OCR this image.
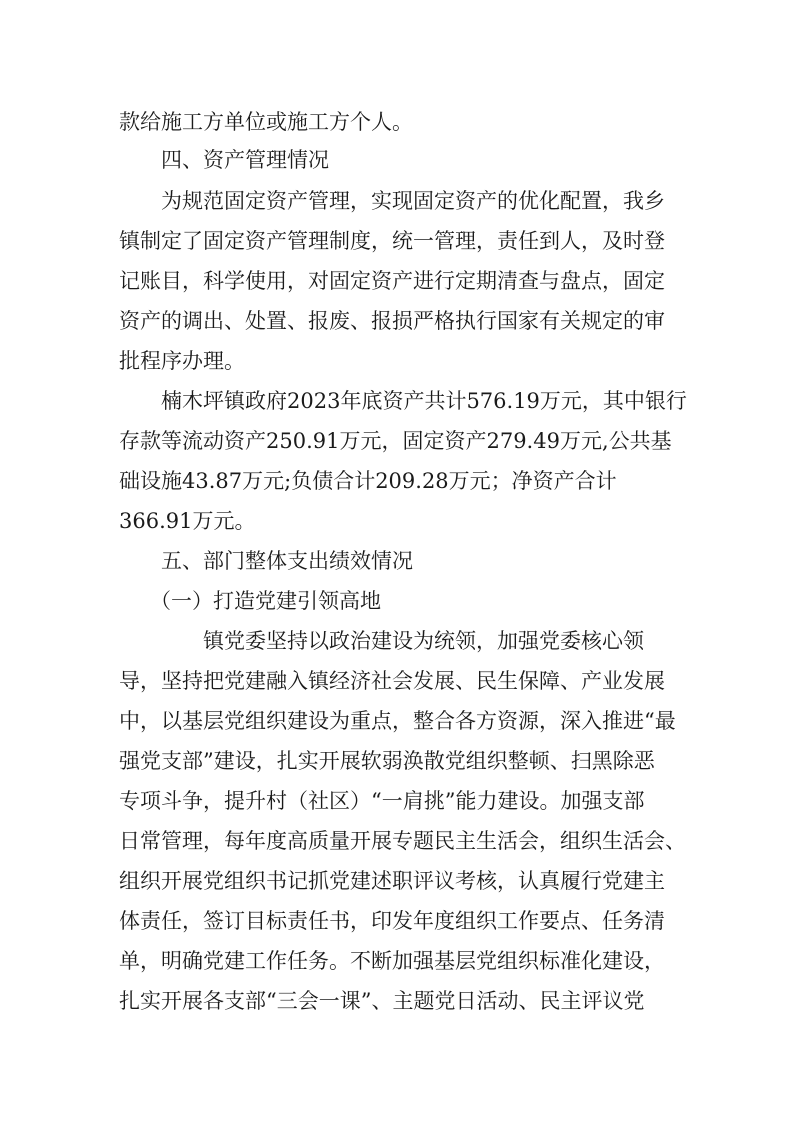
款给施工方单位或施工方个人。
四、资产管理情况
为规范固定资产管理，实现固定资产的优化配置，我乡
镇制定了固定资产管理制度，统一管理，责任到人，及时登
记账目，科学使用，对固定资产进行定期清查与盘点，固定
资产的调出、处置、报废、报损严格执行国家有关规定的审
批程序办理。
楠木坪镇政府2023年底资产共计576.19万元，其中银行
存款等流动资产250.91万元，固定资产279.49万元,公共基
础设施43.87万元;负债合计209.28万元；净资产合计
366.91万元。
五、部门整体支出绩效情况
（一）打造党建引领高地
镇党委坚持以政治建设为统领，加强党委核心领
导，坚持把党建融入镇经济社会发展、民生保障、产业发展
中，以基层党组织建设为重点，整合各方资源，深入推进“最
强党支部”建设，扎实开展软弱涣散党组织整顿、扫黑除恶
专项斗争，提升村（社区）“一肩挑”能力建设。加强支部
日常管理，每年度高质量开展专题民主生活会，组织生活会、
组织开展党组织书记抓党建述职评议考核，认真履行党建主
体责任，签订目标责任书，印发年度组织工作要点、任务清
单，明确党建工作任务。不断加强基层党组织标准化建设，
扎实开展各支部“三会一课”、主题党日活动、民主评议党
